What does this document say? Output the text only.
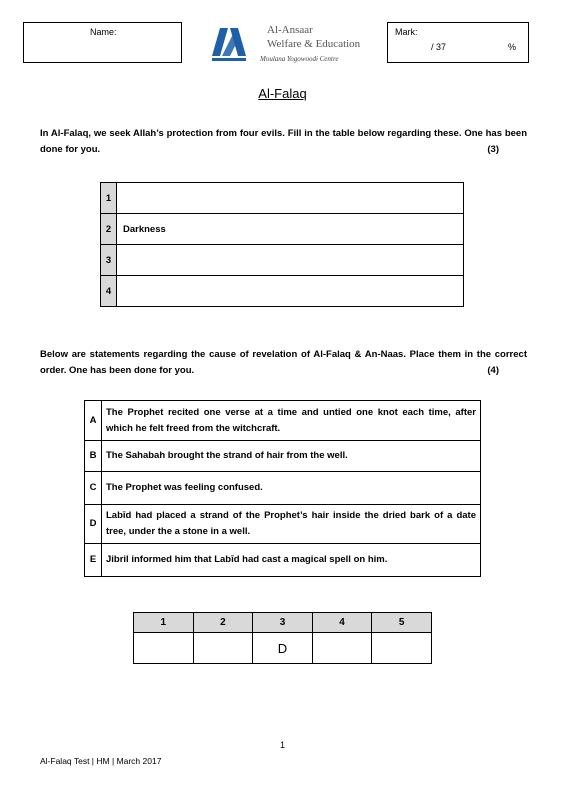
Name:	Al-Ansaar
Welfare & Education
Moulana Yogowoodi Centre
Mark:
/ 37	%
Al-Falaq
In Al-Falaq, we seek Allah’s protection from four evils. Fill in the table below regarding these. One has been done for you.	(3)
1	
2	Darkness
3	
4	
Below are statements regarding the cause of revelation of Al-Falaq & An-Naas. Place them in the correct order. One has been done for you.	(4)
A	The Prophet recited one verse at a time and untied one knot each time, after which he felt freed from the witchcraft.
B	The Sahabah brought the strand of hair from the well.
C	The Prophet was feeling confused.
D	Labīd had placed a strand of the Prophet’s hair inside the dried bark of a date tree, under the a stone in a well.
E	Jibril informed him that Labīd had cast a magical spell on him.
1	2	3	4	5
		D		
1
Al-Falaq Test | HM | March 2017
